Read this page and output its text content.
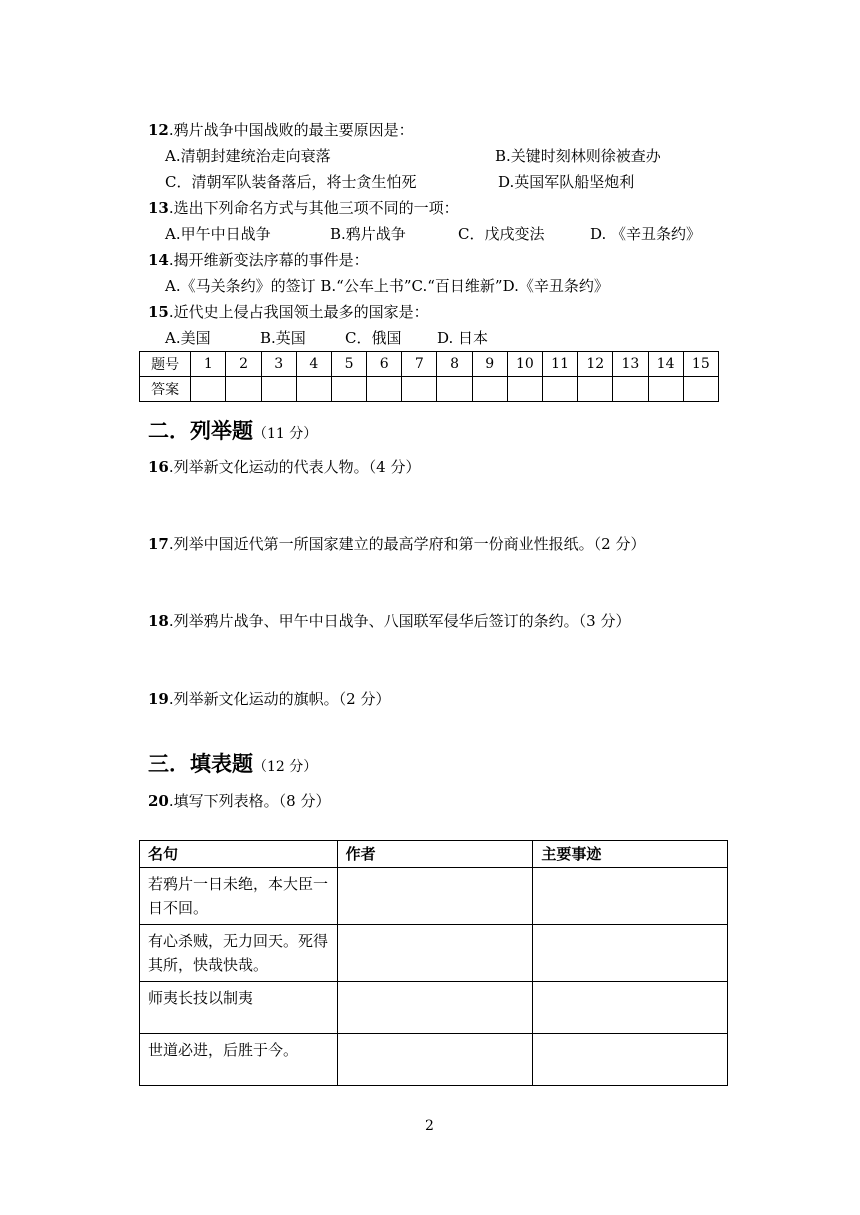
12.鸦片战争中国战败的最主要原因是：
A.清朝封建统治走向衰落	B.关键时刻林则徐被查办
C．清朝军队装备落后，将士贪生怕死	D.英国军队船坚炮利
13.选出下列命名方式与其他三项不同的一项：
A.甲午中日战争	B.鸦片战争	C．戊戌变法	D. 《辛丑条约》
14.揭开维新变法序幕的事件是：
A.《马关条约》的签订 B.“公车上书”C.“百日维新”D.《辛丑条约》
15.近代史上侵占我国领土最多的国家是：
A.美国	B.英国	C．俄国 D. 日本
题号	1	2	3	4	5	6	7	8	9	10	11	12	13	14	15
答案															
二．列举题（11 分）
16.列举新文化运动的代表人物。（4 分）
17.列举中国近代第一所国家建立的最高学府和第一份商业性报纸。（2 分）
18.列举鸦片战争、甲午中日战争、八国联军侵华后签订的条约。（3 分）
19.列举新文化运动的旗帜。（2 分）
三．填表题（12 分）
20.填写下列表格。（8 分）
名句	作者	主要事迹
若鸦片一日未绝，本大臣一日不回。		
有心杀贼，无力回天。死得其所，快哉快哉。		
师夷长技以制夷		
世道必进，后胜于今。		
2
